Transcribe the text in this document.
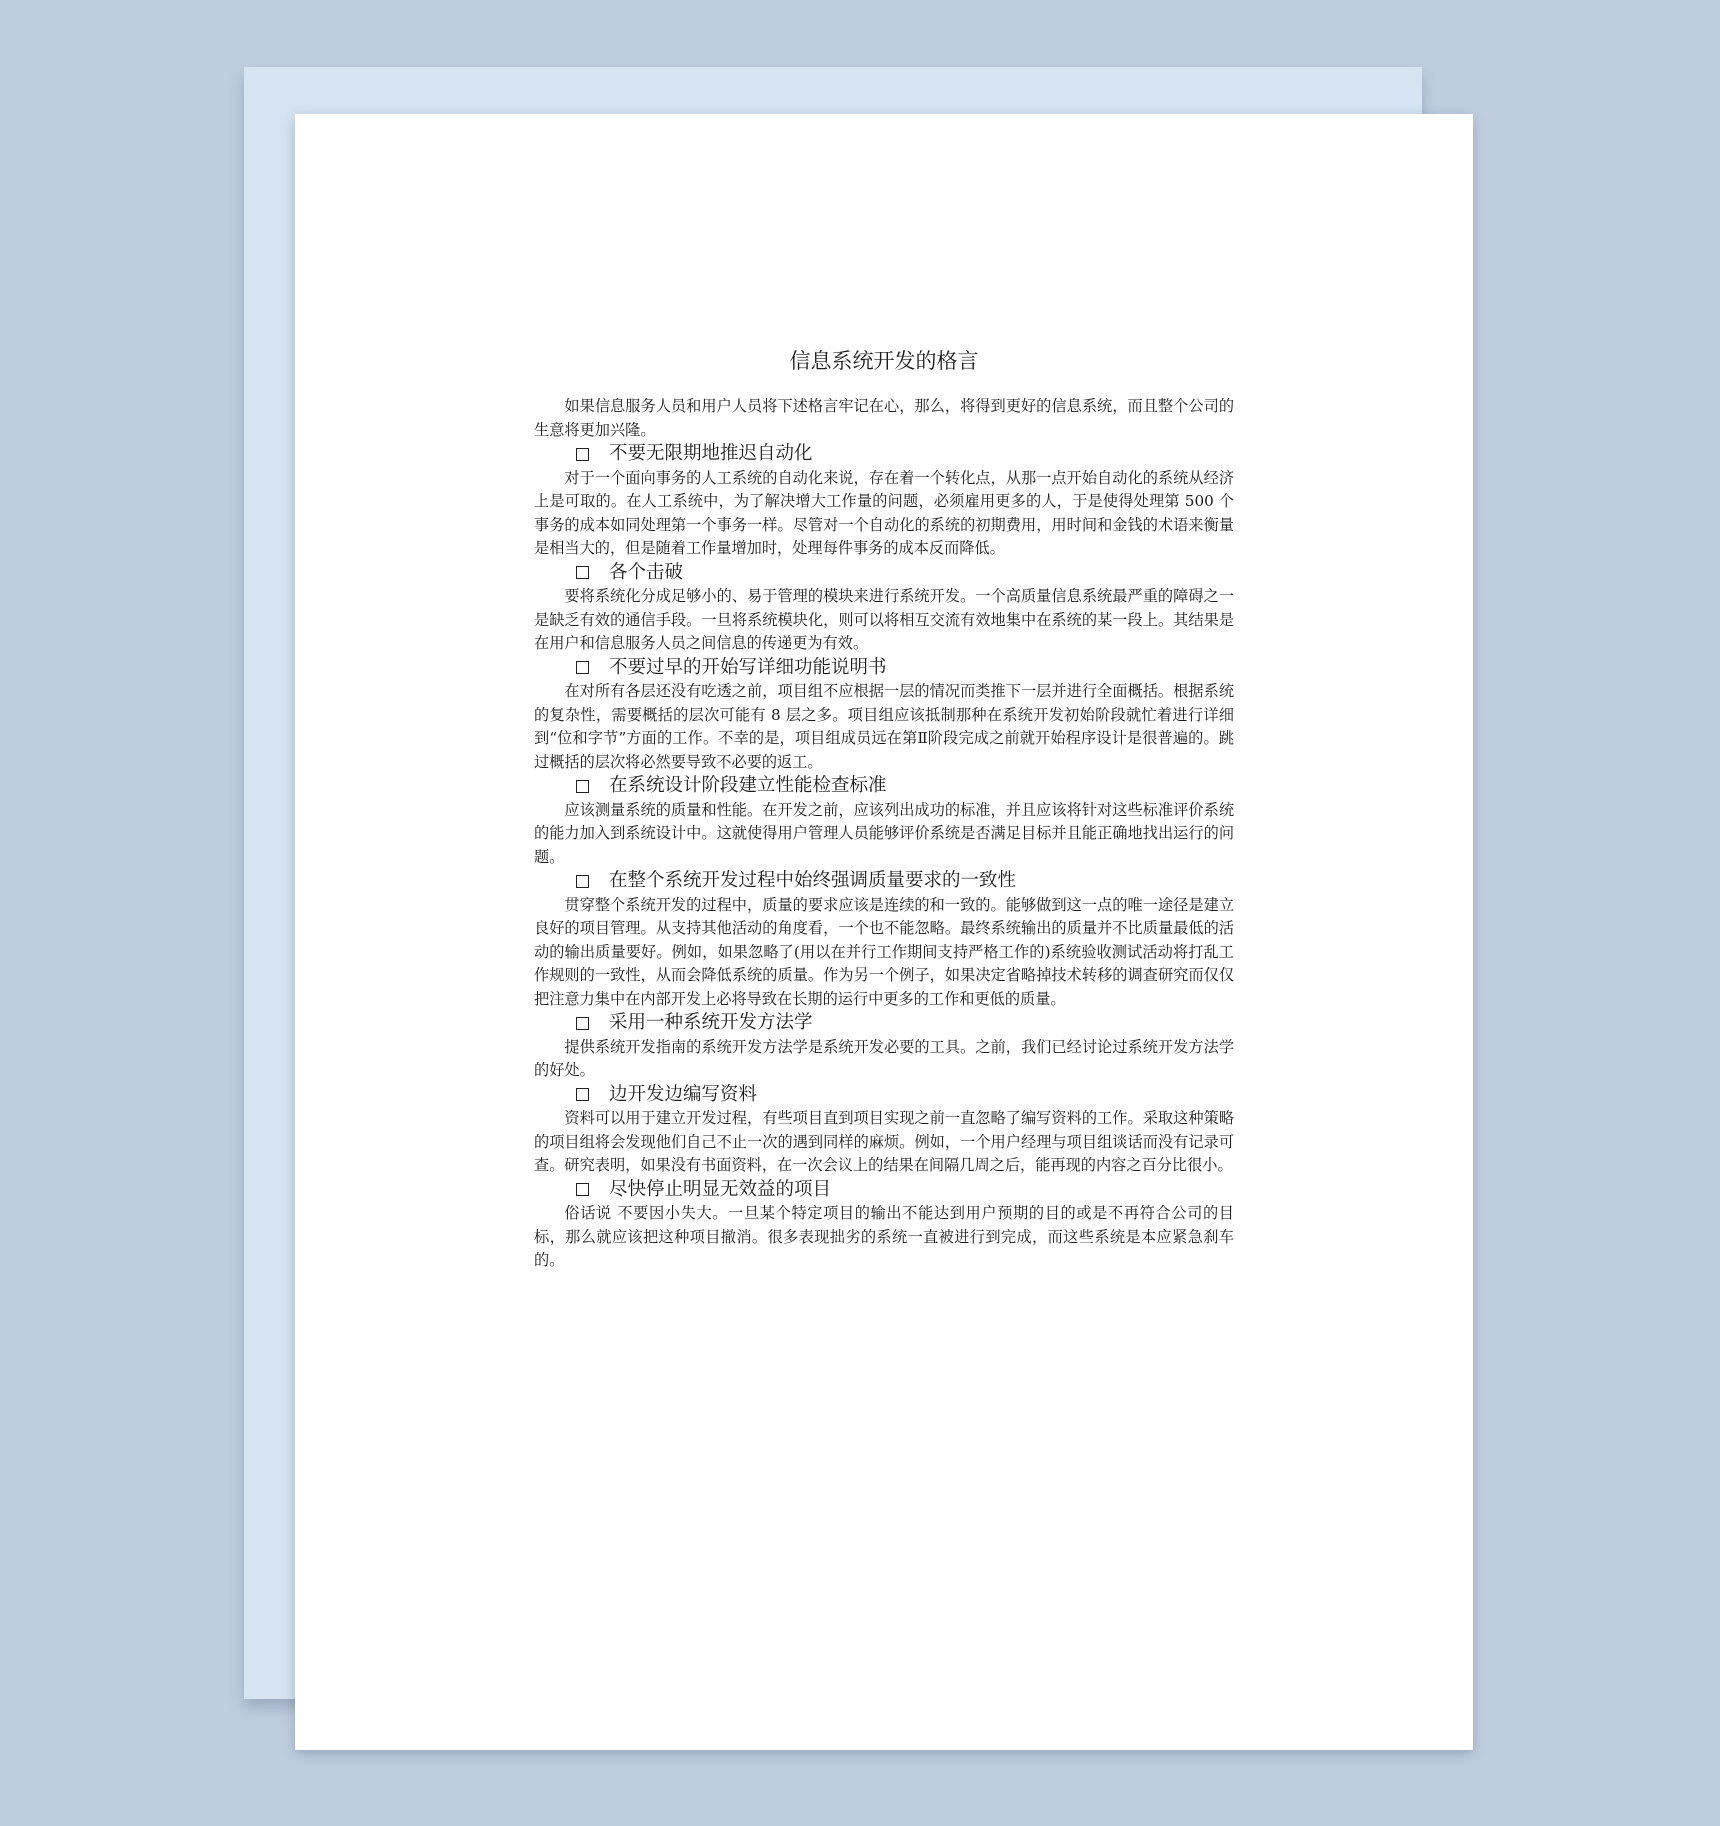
信息系统开发的格言

如果信息服务人员和用户人员将下述格言牢记在心，那么，将得到更好的信息系统，而且整个公司的生意将更加兴隆。

不要无限期地推迟自动化

对于一个面向事务的人工系统的自动化来说，存在着一个转化点，从那一点开始自动化的系统从经济上是可取的。在人工系统中，为了解决增大工作量的问题，必须雇用更多的人，于是使得处理第 500 个事务的成本如同处理第一个事务一样。尽管对一个自动化的系统的初期费用，用时间和金钱的术语来衡量是相当大的，但是随着工作量增加时，处理每件事务的成本反而降低。

各个击破

要将系统化分成足够小的、易于管理的模块来进行系统开发。一个高质量信息系统最严重的障碍之一是缺乏有效的通信手段。一旦将系统模块化，则可以将相互交流有效地集中在系统的某一段上。其结果是在用户和信息服务人员之间信息的传递更为有效。

不要过早的开始写详细功能说明书

在对所有各层还没有吃透之前，项目组不应根据一层的情况而类推下一层并进行全面概括。根据系统的复杂性，需要概括的层次可能有 8 层之多。项目组应该抵制那种在系统开发初始阶段就忙着进行详细到“位和字节”方面的工作。不幸的是，项目组成员远在第Ⅱ阶段完成之前就开始程序设计是很普遍的。跳过概括的层次将必然要导致不必要的返工。

在系统设计阶段建立性能检查标准

应该测量系统的质量和性能。在开发之前，应该列出成功的标准，并且应该将针对这些标准评价系统的能力加入到系统设计中。这就使得用户管理人员能够评价系统是否满足目标并且能正确地找出运行的问题。

在整个系统开发过程中始终强调质量要求的一致性

贯穿整个系统开发的过程中，质量的要求应该是连续的和一致的。能够做到这一点的唯一途径是建立良好的项目管理。从支持其他活动的角度看，一个也不能忽略。最终系统输出的质量并不比质量最低的活动的输出质量要好。例如，如果忽略了(用以在并行工作期间支持严格工作的)系统验收测试活动将打乱工作规则的一致性，从而会降低系统的质量。作为另一个例子，如果决定省略掉技术转移的调查研究而仅仅把注意力集中在内部开发上必将导致在长期的运行中更多的工作和更低的质量。

采用一种系统开发方法学

提供系统开发指南的系统开发方法学是系统开发必要的工具。之前，我们已经讨论过系统开发方法学的好处。

边开发边编写资料

资料可以用于建立开发过程，有些项目直到项目实现之前一直忽略了编写资料的工作。采取这种策略的项目组将会发现他们自己不止一次的遇到同样的麻烦。例如，一个用户经理与项目组谈话而没有记录可查。研究表明，如果没有书面资料，在一次会议上的结果在间隔几周之后，能再现的内容之百分比很小。

尽快停止明显无效益的项目

俗话说 不要因小失大。一旦某个特定项目的输出不能达到用户预期的目的或是不再符合公司的目标，那么就应该把这种项目撤消。很多表现拙劣的系统一直被进行到完成，而这些系统是本应紧急刹车的。
